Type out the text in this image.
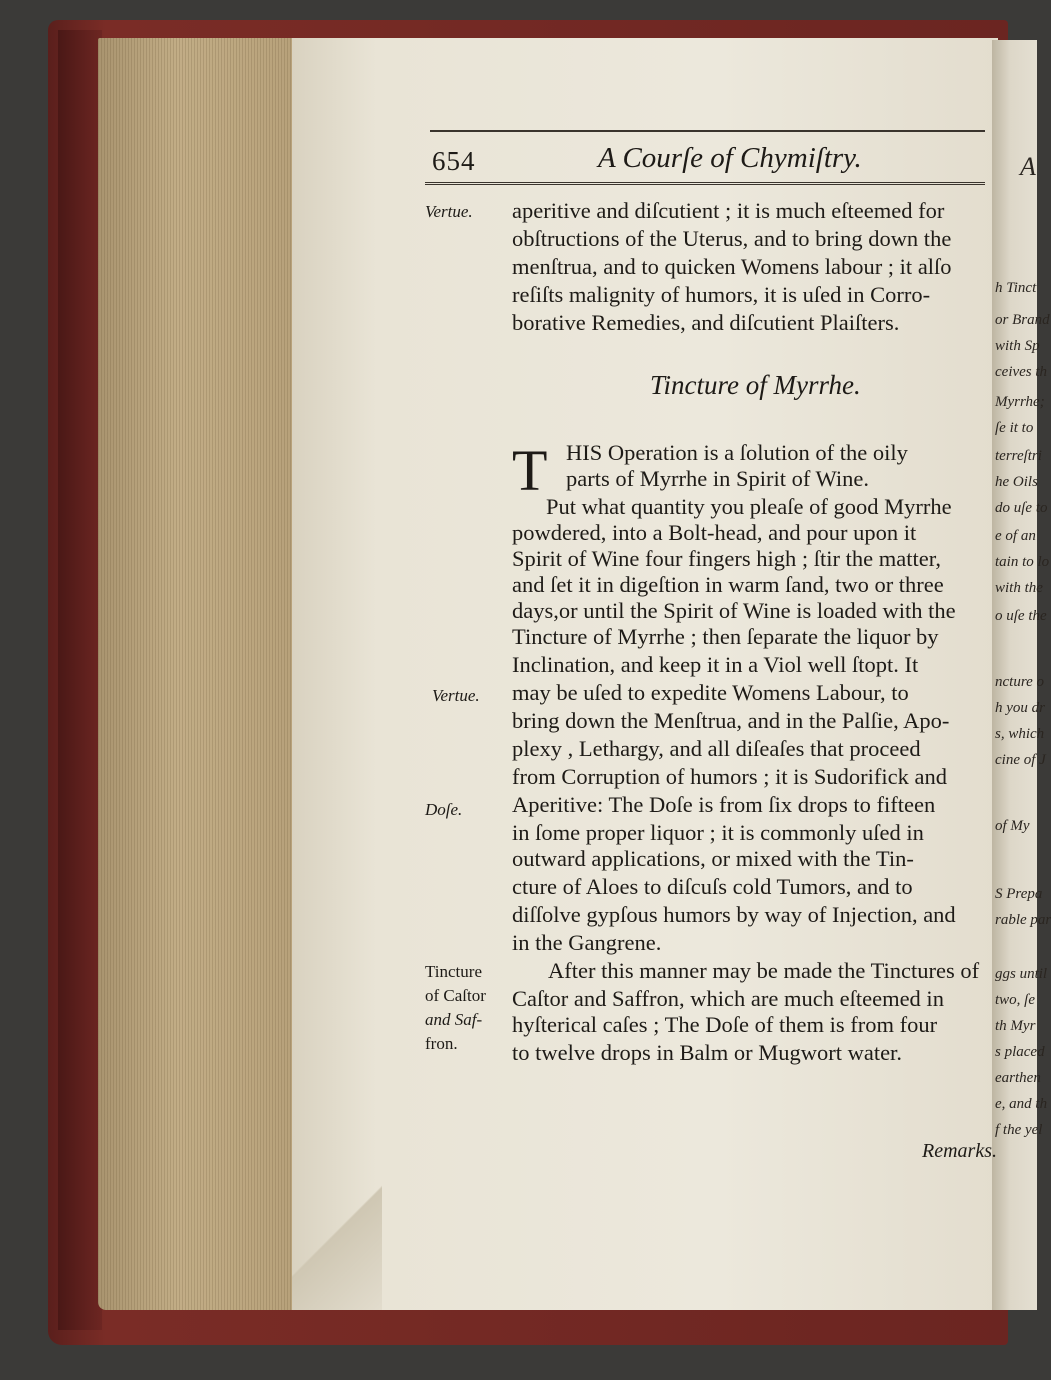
A
h Tinct
or Brand
with Sp
ceives th
Myrrhe;
ſe it to
terreſtri
he Oils
do uſe to
e of an
tain to lo
with the
o uſe the
ncture o
h you dr
s, which
cine of J
of My
S Prepa
rable par
ggs until
two, ſe
th Myr
s placed
earthen
e, and th
f the yel
654	A Courſe of Chymiſtry.
Vertue.
Vertue.
Doſe.
Tincture
of Caſtor
and Saf-
fron.
aperitive and diſcutient ; it is much eſteemed for
obſtructions of the Uterus, and to bring down the
menſtrua, and to quicken Womens labour ; it alſo
reſiſts malignity of humors, it is uſed in Corro-
borative Remedies, and diſcutient Plaiſters.
Tincture of Myrrhe.
T HIS Operation is a ſolution of the oily
parts of Myrrhe in Spirit of Wine.
Put what quantity you pleaſe of good Myrrhe
powdered, into a Bolt-head, and pour upon it
Spirit of Wine four fingers high ; ſtir the matter,
and ſet it in digeſtion in warm ſand, two or three
days,or until the Spirit of Wine is loaded with the
Tincture of Myrrhe ; then ſeparate the liquor by
Inclination, and keep it in a Viol well ſtopt. It
may be uſed to expedite Womens Labour, to
bring down the Menſtrua, and in the Palſie, Apo-
plexy , Lethargy, and all diſeaſes that proceed
from Corruption of humors ; it is Sudorifick and
Aperitive: The Doſe is from ſix drops to fifteen
in ſome proper liquor ; it is commonly uſed in
outward applications, or mixed with the Tin-
cture of Aloes to diſcuſs cold Tumors, and to
diſſolve gypſous humors by way of Injection, and
in the Gangrene.
After this manner may be made the Tinctures of
Caſtor and Saffron, which are much eſteemed in
hyſterical caſes ; The Doſe of them is from four
to twelve drops in Balm or Mugwort water.
Remarks.
